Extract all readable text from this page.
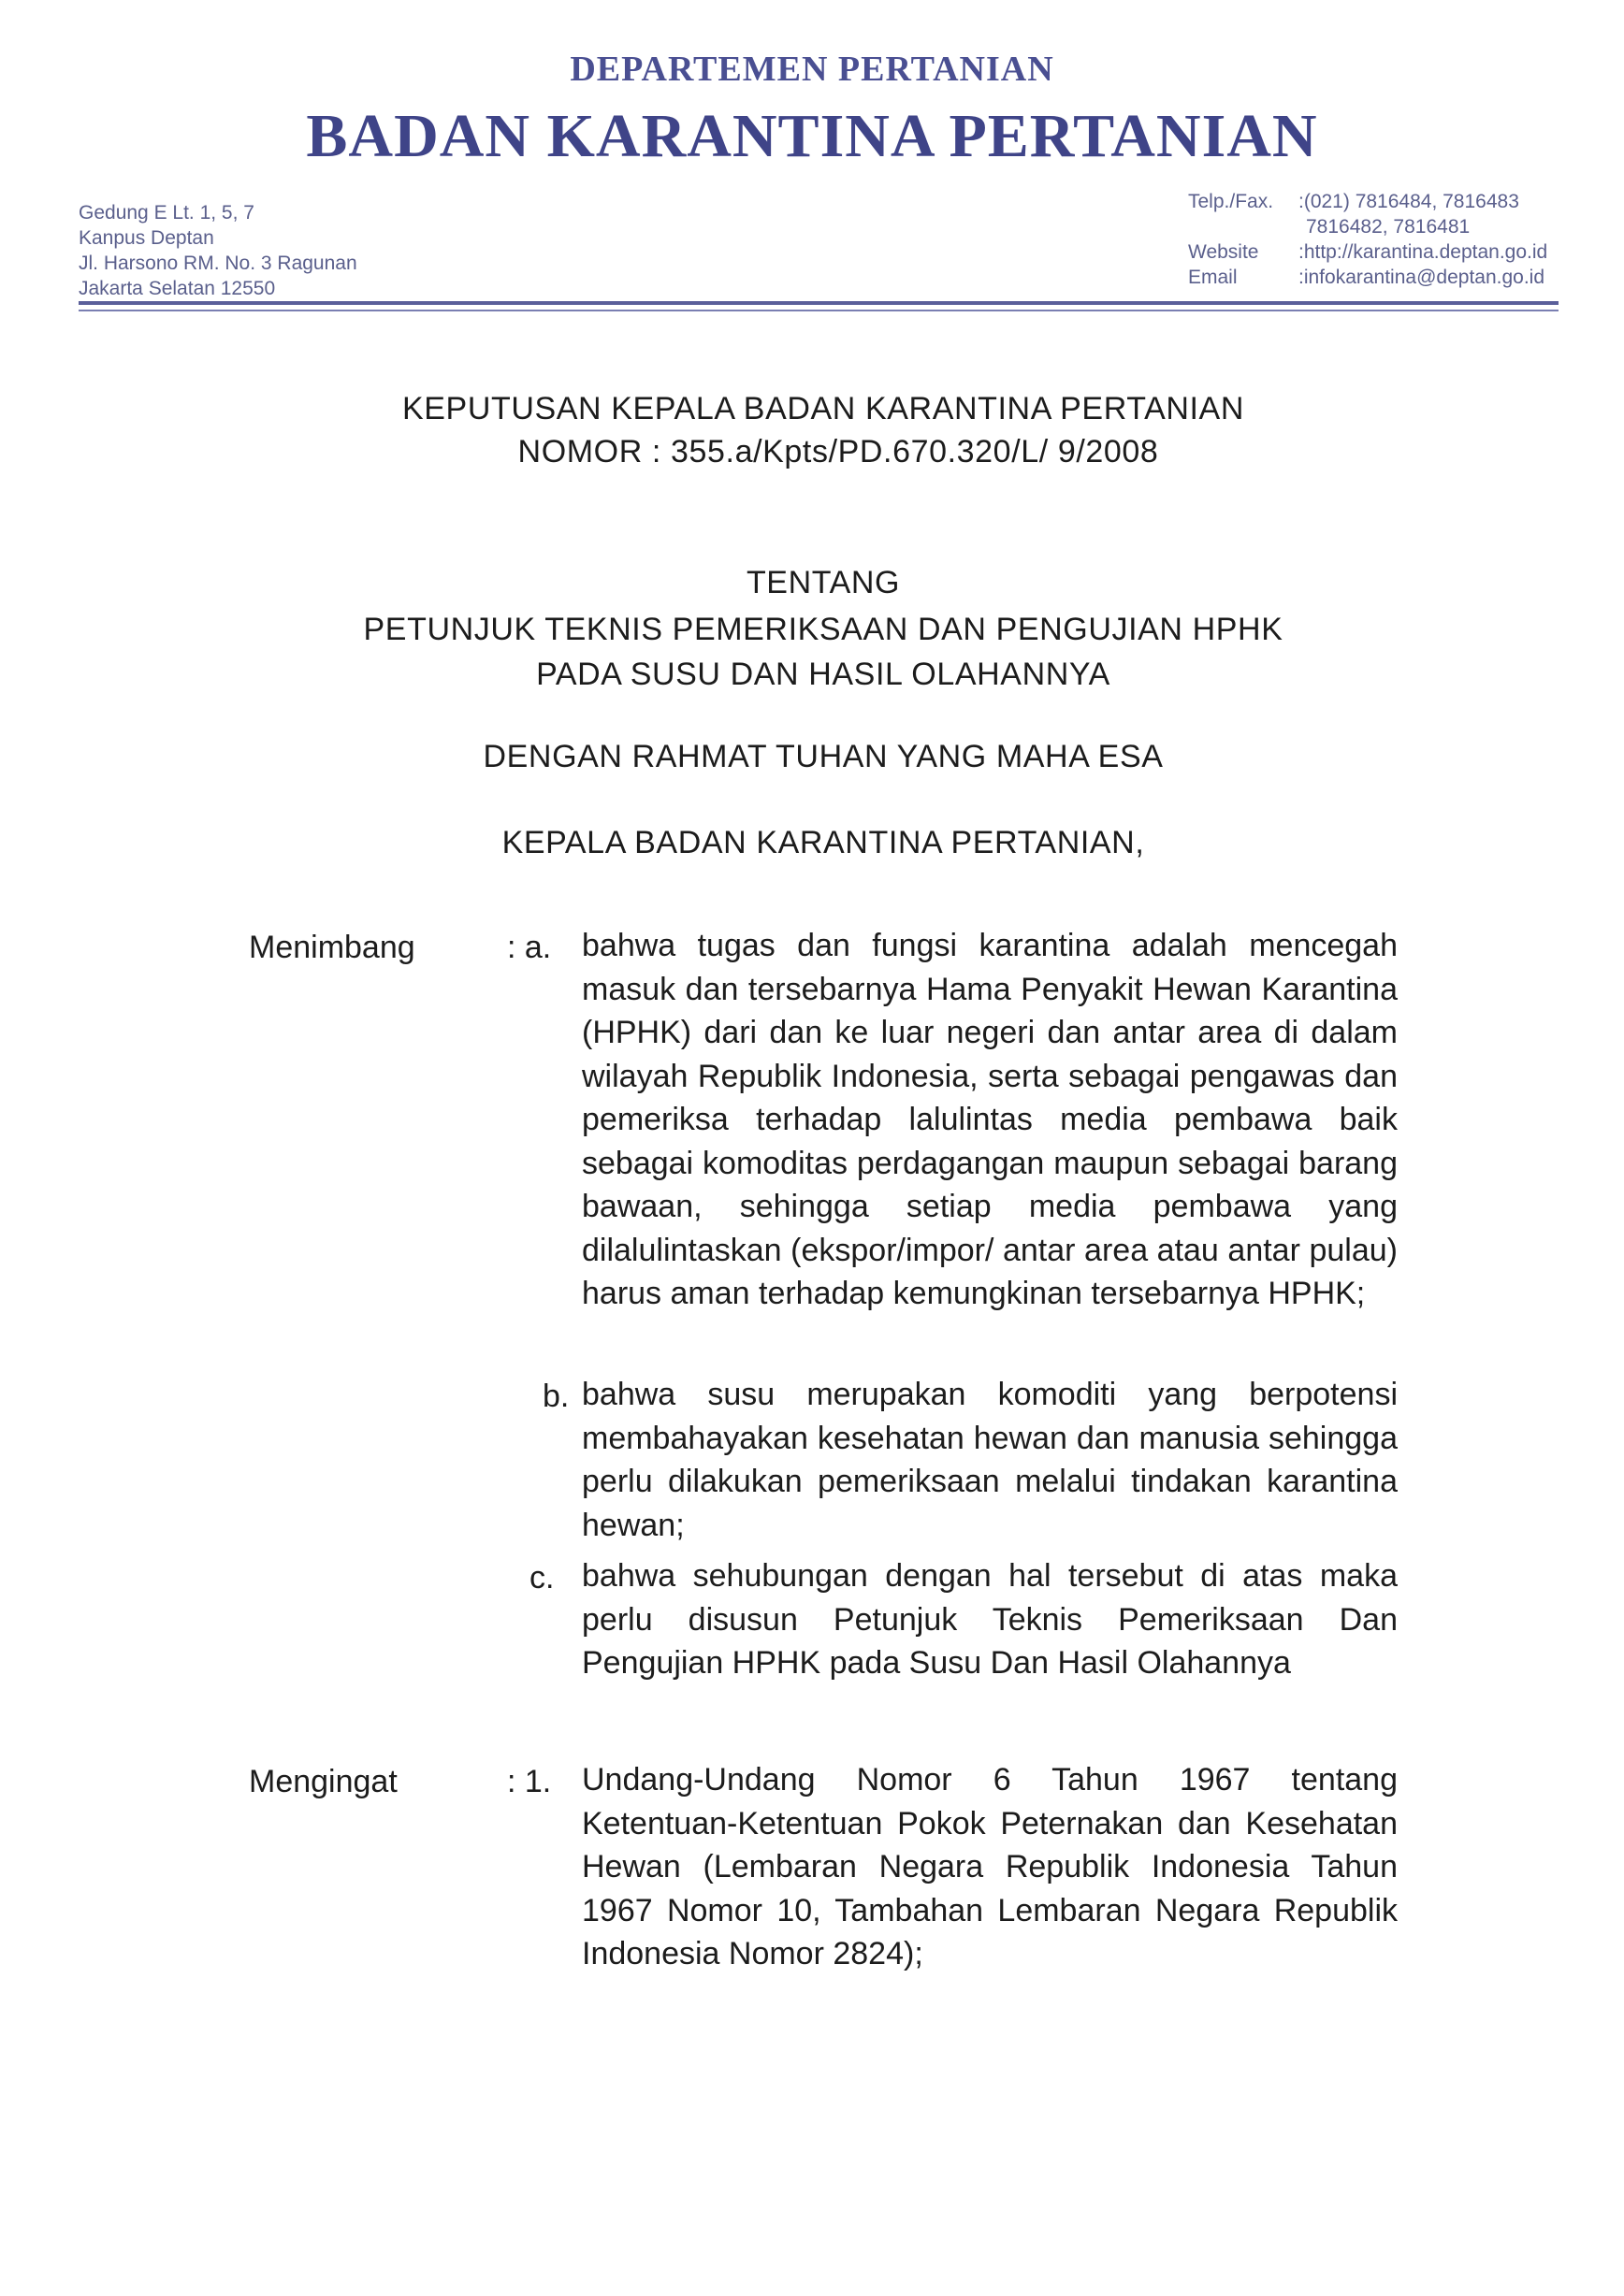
DEPARTEMEN PERTANIAN
BADAN KARANTINA PERTANIAN
Gedung E Lt. 1, 5, 7
Kanpus Deptan
Jl. Harsono RM. No. 3 Ragunan
Jakarta Selatan 12550
Telp./Fax.	:(021) 7816484, 7816483
7816482, 7816481
Website	:http://karantina.deptan.go.id
Email	:infokarantina@deptan.go.id
KEPUTUSAN KEPALA BADAN KARANTINA PERTANIAN
NOMOR : 355.a/Kpts/PD.670.320/L/ 9/2008
TENTANG
PETUNJUK TEKNIS PEMERIKSAAN DAN PENGUJIAN HPHK
PADA SUSU DAN HASIL OLAHANNYA
DENGAN RAHMAT TUHAN YANG MAHA ESA
KEPALA BADAN KARANTINA PERTANIAN,
Menimbang	: a. bahwa tugas dan fungsi karantina adalah mencegah masuk dan tersebarnya Hama Penyakit Hewan Karantina (HPHK) dari dan ke luar negeri dan antar area di dalam wilayah Republik Indonesia, serta sebagai pengawas dan pemeriksa terhadap lalulintas media pembawa baik sebagai komoditas perdagangan maupun sebagai barang bawaan, sehingga setiap media pembawa yang dilalulintaskan (ekspor/impor/ antar area atau antar pulau) harus aman terhadap kemungkinan tersebarnya HPHK;
b. bahwa susu merupakan komoditi yang berpotensi membahayakan kesehatan hewan dan manusia sehingga perlu dilakukan pemeriksaan melalui tindakan karantina hewan;
c. bahwa sehubungan dengan hal tersebut di atas maka perlu disusun Petunjuk Teknis Pemeriksaan Dan Pengujian HPHK pada Susu Dan Hasil Olahannya
Mengingat	: 1. Undang-Undang Nomor 6 Tahun 1967 tentang Ketentuan-Ketentuan Pokok Peternakan dan Kesehatan Hewan (Lembaran Negara Republik Indonesia Tahun 1967 Nomor 10, Tambahan Lembaran Negara Republik Indonesia Nomor 2824);
